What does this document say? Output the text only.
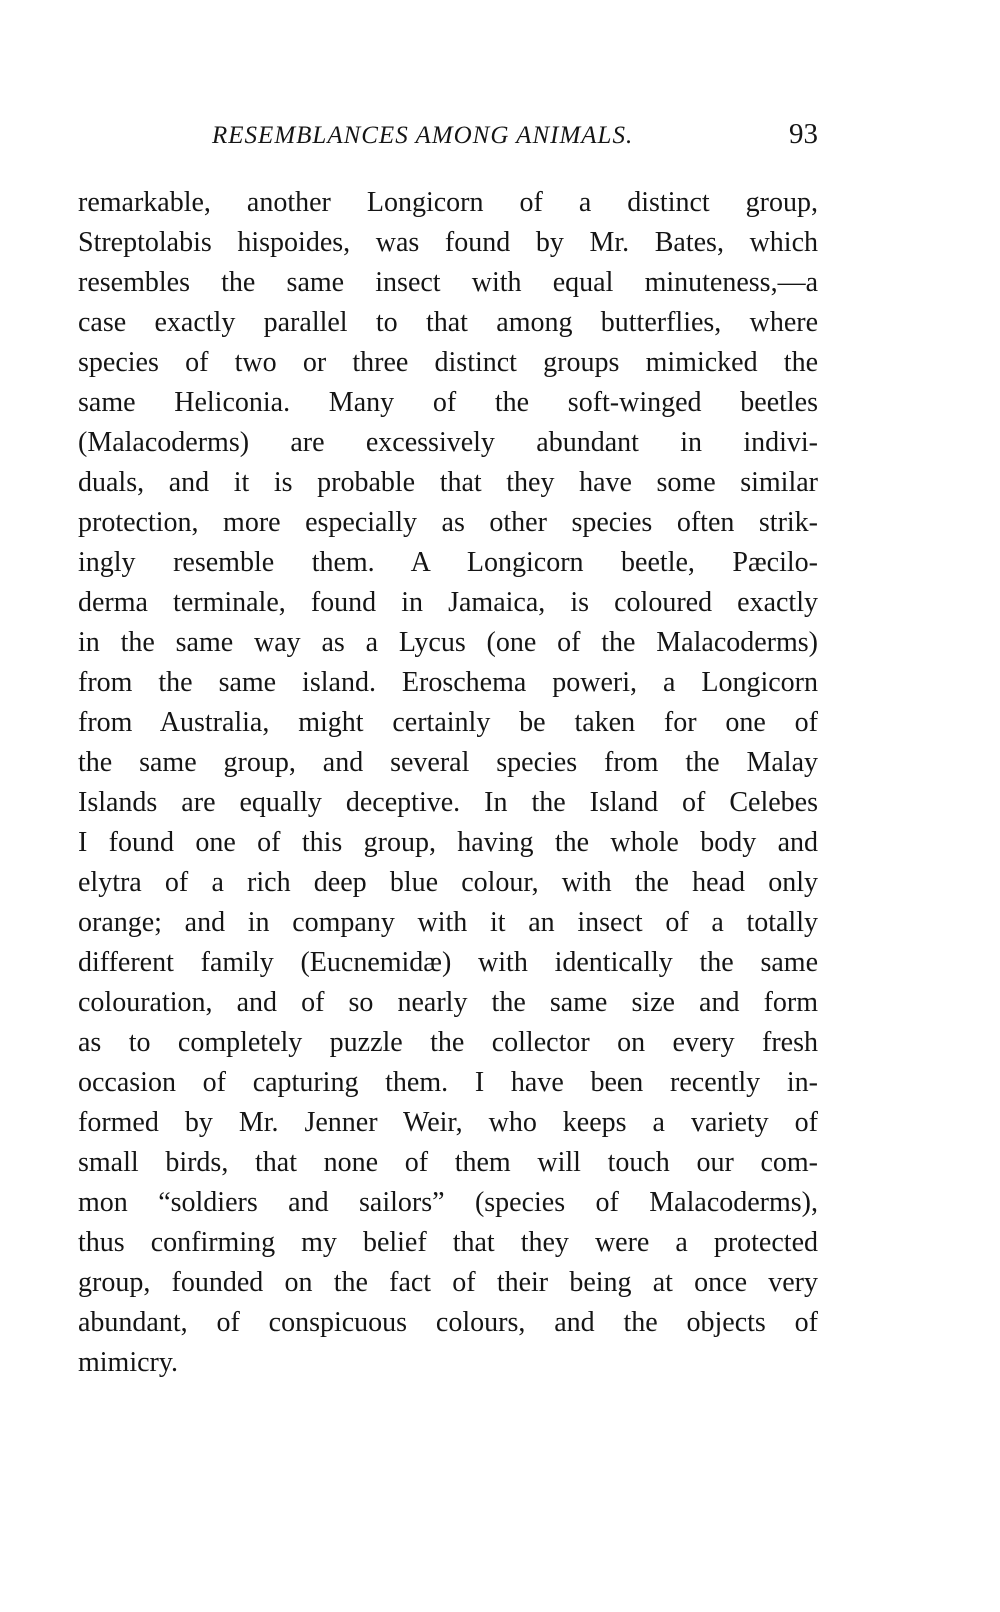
RESEMBLANCES AMONG ANIMALS.	93
remarkable, another Longicorn of a distinct group,
Streptolabis hispoides, was found by Mr. Bates, which
resembles the same insect with equal minuteness,—a
case exactly parallel to that among butterflies, where
species of two or three distinct groups mimicked the
same Heliconia. Many of the soft-winged beetles
(Malacoderms) are excessively abundant in indivi-
duals, and it is probable that they have some similar
protection, more especially as other species often strik-
ingly resemble them. A Longicorn beetle, Pæcilo-
derma terminale, found in Jamaica, is coloured exactly
in the same way as a Lycus (one of the Malacoderms)
from the same island. Eroschema poweri, a Longicorn
from Australia, might certainly be taken for one of
the same group, and several species from the Malay
Islands are equally deceptive. In the Island of Celebes
I found one of this group, having the whole body and
elytra of a rich deep blue colour, with the head only
orange; and in company with it an insect of a totally
different family (Eucnemidæ) with identically the same
colouration, and of so nearly the same size and form
as to completely puzzle the collector on every fresh
occasion of capturing them. I have been recently in-
formed by Mr. Jenner Weir, who keeps a variety of
small birds, that none of them will touch our com-
mon “soldiers and sailors” (species of Malacoderms),
thus confirming my belief that they were a protected
group, founded on the fact of their being at once very
abundant, of conspicuous colours, and the objects of
mimicry.
